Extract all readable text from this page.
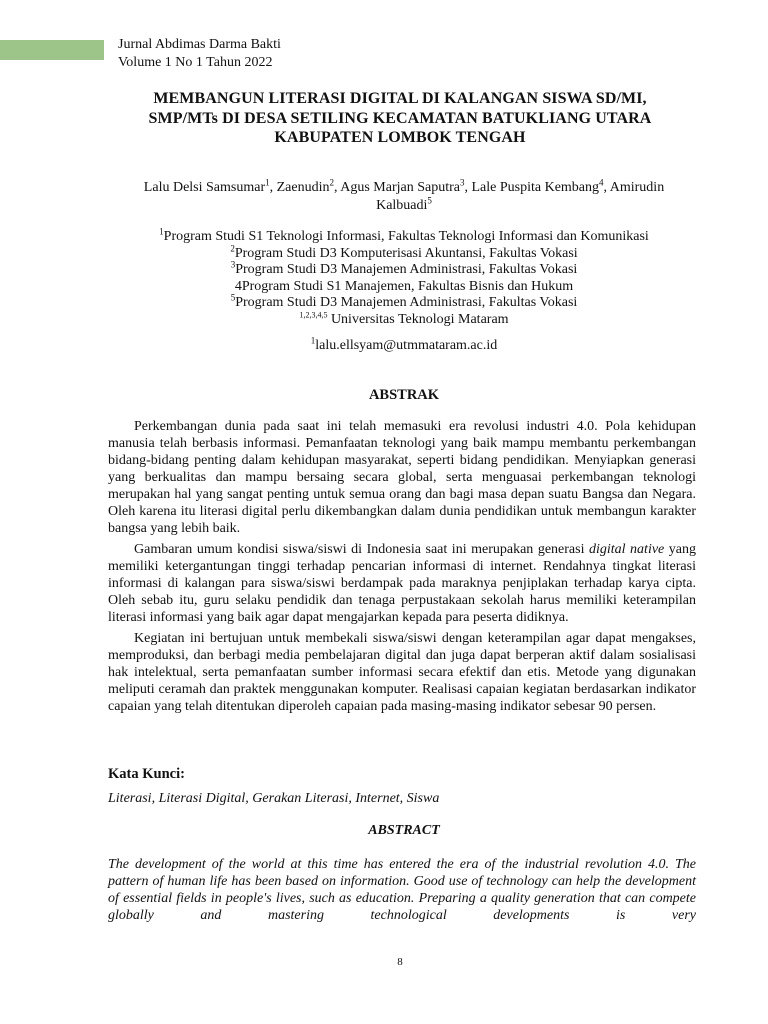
Jurnal Abdimas Darma Bakti
Volume 1 No 1 Tahun 2022
MEMBANGUN LITERASI DIGITAL DI KALANGAN SISWA SD/MI,
SMP/MTs DI DESA SETILING KECAMATAN BATUKLIANG UTARA
KABUPATEN LOMBOK TENGAH
Lalu Delsi Samsumar$^1$, Zaenudin$^2$, Agus Marjan Saputra$^3$, Lale Puspita Kembang$^4$, Amirudin
Kalbuadi$^5$
$^1$Program Studi S1 Teknologi Informasi, Fakultas Teknologi Informasi dan Komunikasi
$^2$Program Studi D3 Komputerisasi Akuntansi, Fakultas Vokasi
$^3$Program Studi D3 Manajemen Administrasi, Fakultas Vokasi
4Program Studi S1 Manajemen, Fakultas Bisnis dan Hukum
$^5$Program Studi D3 Manajemen Administrasi, Fakultas Vokasi
$^{1,2,3,4,5}$ Universitas Teknologi Mataram
$^1$lalu.ellsyam@utmmataram.ac.id
ABSTRAK

Perkembangan dunia pada saat ini telah memasuki era revolusi industri 4.0. Pola kehidupan manusia telah berbasis informasi. Pemanfaatan teknologi yang baik mampu membantu perkembangan bidang-bidang penting dalam kehidupan masyarakat, seperti bidang pendidikan. Menyiapkan generasi yang berkualitas dan mampu bersaing secara global, serta menguasai perkembangan teknologi merupakan hal yang sangat penting untuk semua orang dan bagi masa depan suatu Bangsa dan Negara. Oleh karena itu literasi digital perlu dikembangkan dalam dunia pendidikan untuk membangun karakter bangsa yang lebih baik.

Gambaran umum kondisi siswa/siswi di Indonesia saat ini merupakan generasi digital native yang memiliki ketergantungan tinggi terhadap pencarian informasi di internet. Rendahnya tingkat literasi informasi di kalangan para siswa/siswi berdampak pada maraknya penjiplakan terhadap karya cipta. Oleh sebab itu, guru selaku pendidik dan tenaga perpustakaan sekolah harus memiliki keterampilan literasi informasi yang baik agar dapat mengajarkan kepada para peserta didiknya.

Kegiatan ini bertujuan untuk membekali siswa/siswi dengan keterampilan agar dapat mengakses, memproduksi, dan berbagi media pembelajaran digital dan juga dapat berperan aktif dalam sosialisasi hak intelektual, serta pemanfaatan sumber informasi secara efektif dan etis. Metode yang digunakan meliputi ceramah dan praktek menggunakan komputer. Realisasi capaian kegiatan berdasarkan indikator capaian yang telah ditentukan diperoleh capaian pada masing-masing indikator sebesar 90 persen.

Kata Kunci:
Literasi, Literasi Digital, Gerakan Literasi, Internet, Siswa
ABSTRACT
The development of the world at this time has entered the era of the industrial revolution 4.0. The pattern of human life has been based on information. Good use of technology can help the development of essential fields in people's lives, such as education. Preparing a quality generation that can compete globally and mastering technological developments is very
8
